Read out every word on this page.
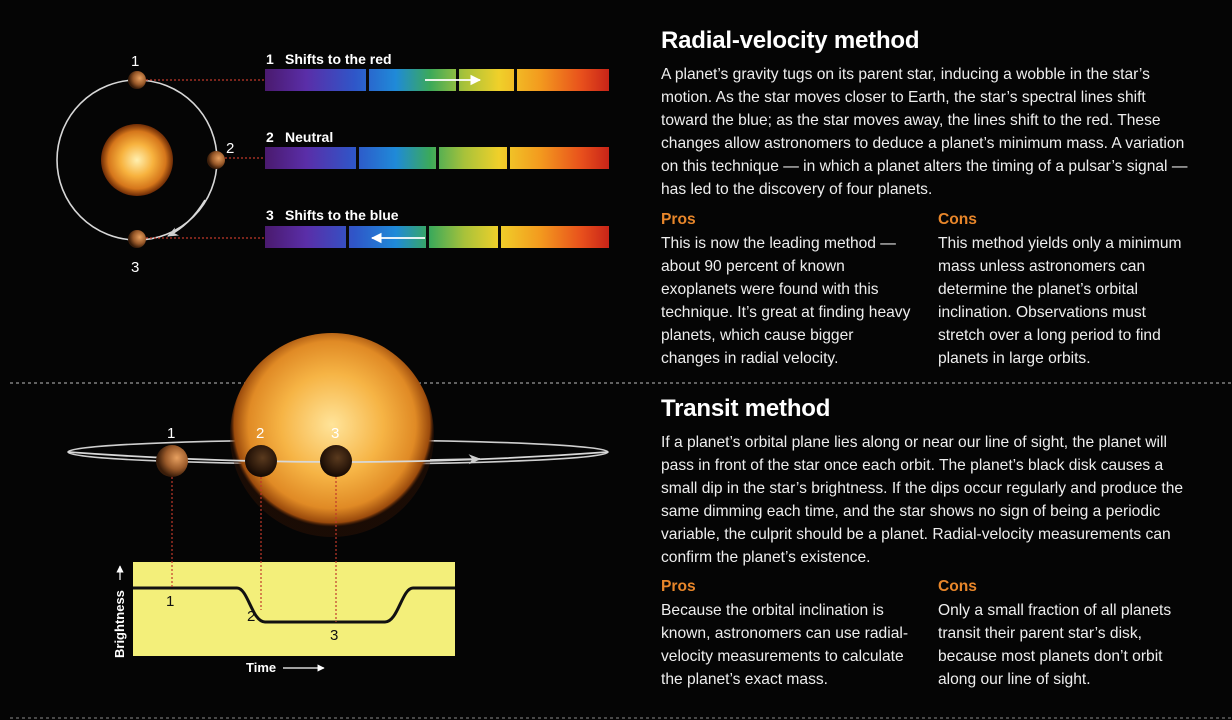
1
2
3
1 Shifts to the red
2 Neutral
3 Shifts to the blue
1	2	3
1
2
3
Brightness
Time
Radial-velocity method
A planet’s gravity tugs on its parent star, inducing a wobble in the star’s motion. As the star moves closer to Earth, the star’s spectral lines shift toward the blue; as the star moves away, the lines shift to the red. These changes allow astronomers to deduce a planet’s minimum mass. A variation on this technique — in which a planet alters the timing of a pulsar’s signal — has led to the discovery of four planets.
Pros
This is now the leading method — about 90 percent of known exoplanets were found with this technique. It’s great at finding heavy planets, which cause bigger changes in radial velocity.
Cons
This method yields only a minimum mass unless astronomers can determine the planet’s orbital inclination. Observations must stretch over a long period to find planets in large orbits.
Transit method
If a planet’s orbital plane lies along or near our line of sight, the planet will pass in front of the star once each orbit. The planet’s black disk causes a small dip in the star’s brightness. If the dips occur regularly and produce the same dimming each time, and the star shows no sign of being a periodic variable, the culprit should be a planet. Radial-velocity measurements can confirm the planet’s existence.
Pros
Because the orbital inclination is known, astronomers can use radial-velocity measurements to calculate the planet’s exact mass.
Cons
Only a small fraction of all planets transit their parent star’s disk, because most planets don’t orbit along our line of sight.
